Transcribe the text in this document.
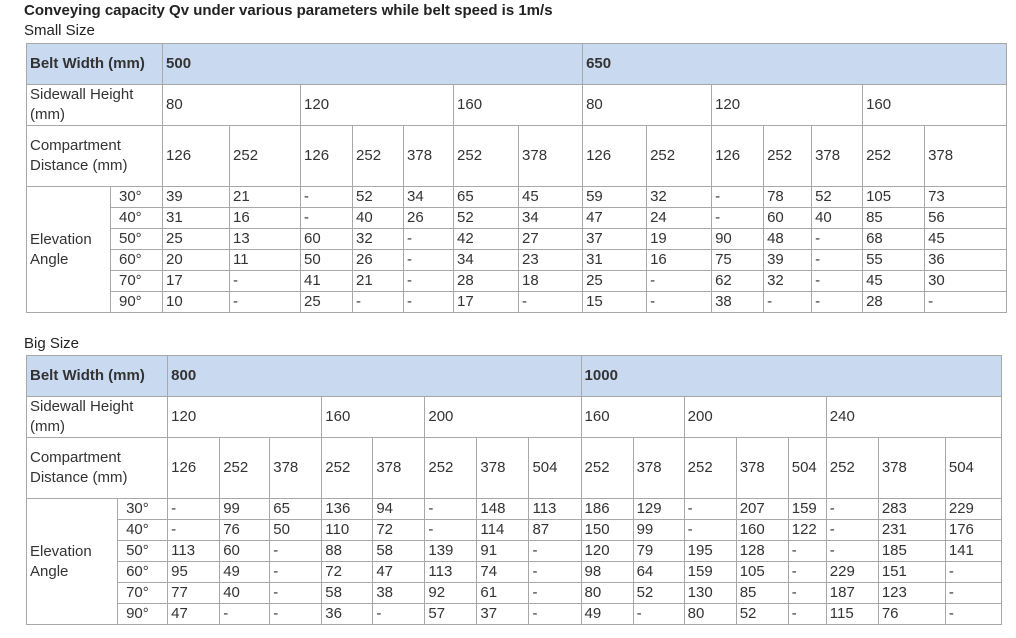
Conveying capacity Qv under various parameters while belt speed is 1m/s
Small Size
Belt Width (mm)		500							650						
Sidewall Height (mm)		80		120			160		80		120			160	
Compartment Distance (mm)		126	252	126	252	378	252	378	126	252	126	252	378	252	378
Elevation Angle	30°	39	21	-	52	34	65	45	59	32	-	78	52	105	73
	40°	31	16	-	40	26	52	34	47	24	-	60	40	85	56
	50°	25	13	60	32	-	42	27	37	19	90	48	-	68	45
	60°	20	11	50	26	-	34	23	31	16	75	39	-	55	36
	70°	17	-	41	21	-	28	18	25	-	62	32	-	45	30
	90°	10	-	25	-	-	17	-	15	-	38	-	-	28	-
Big Size
Belt Width (mm)		800								1000							
Sidewall Height (mm)		120			160		200			160		200			240		
Compartment Distance (mm)		126	252	378	252	378	252	378	504	252	378	252	378	504	252	378	504
Elevation Angle	30°	-	99	65	136	94	-	148	113	186	129	-	207	159	-	283	229
	40°	-	76	50	110	72	-	114	87	150	99	-	160	122	-	231	176
	50°	113	60	-	88	58	139	91	-	120	79	195	128	-	-	185	141
	60°	95	49	-	72	47	113	74	-	98	64	159	105	-	229	151	-
	70°	77	40	-	58	38	92	61	-	80	52	130	85	-	187	123	-
	90°	47	-	-	36	-	57	37	-	49	-	80	52	-	115	76	-
